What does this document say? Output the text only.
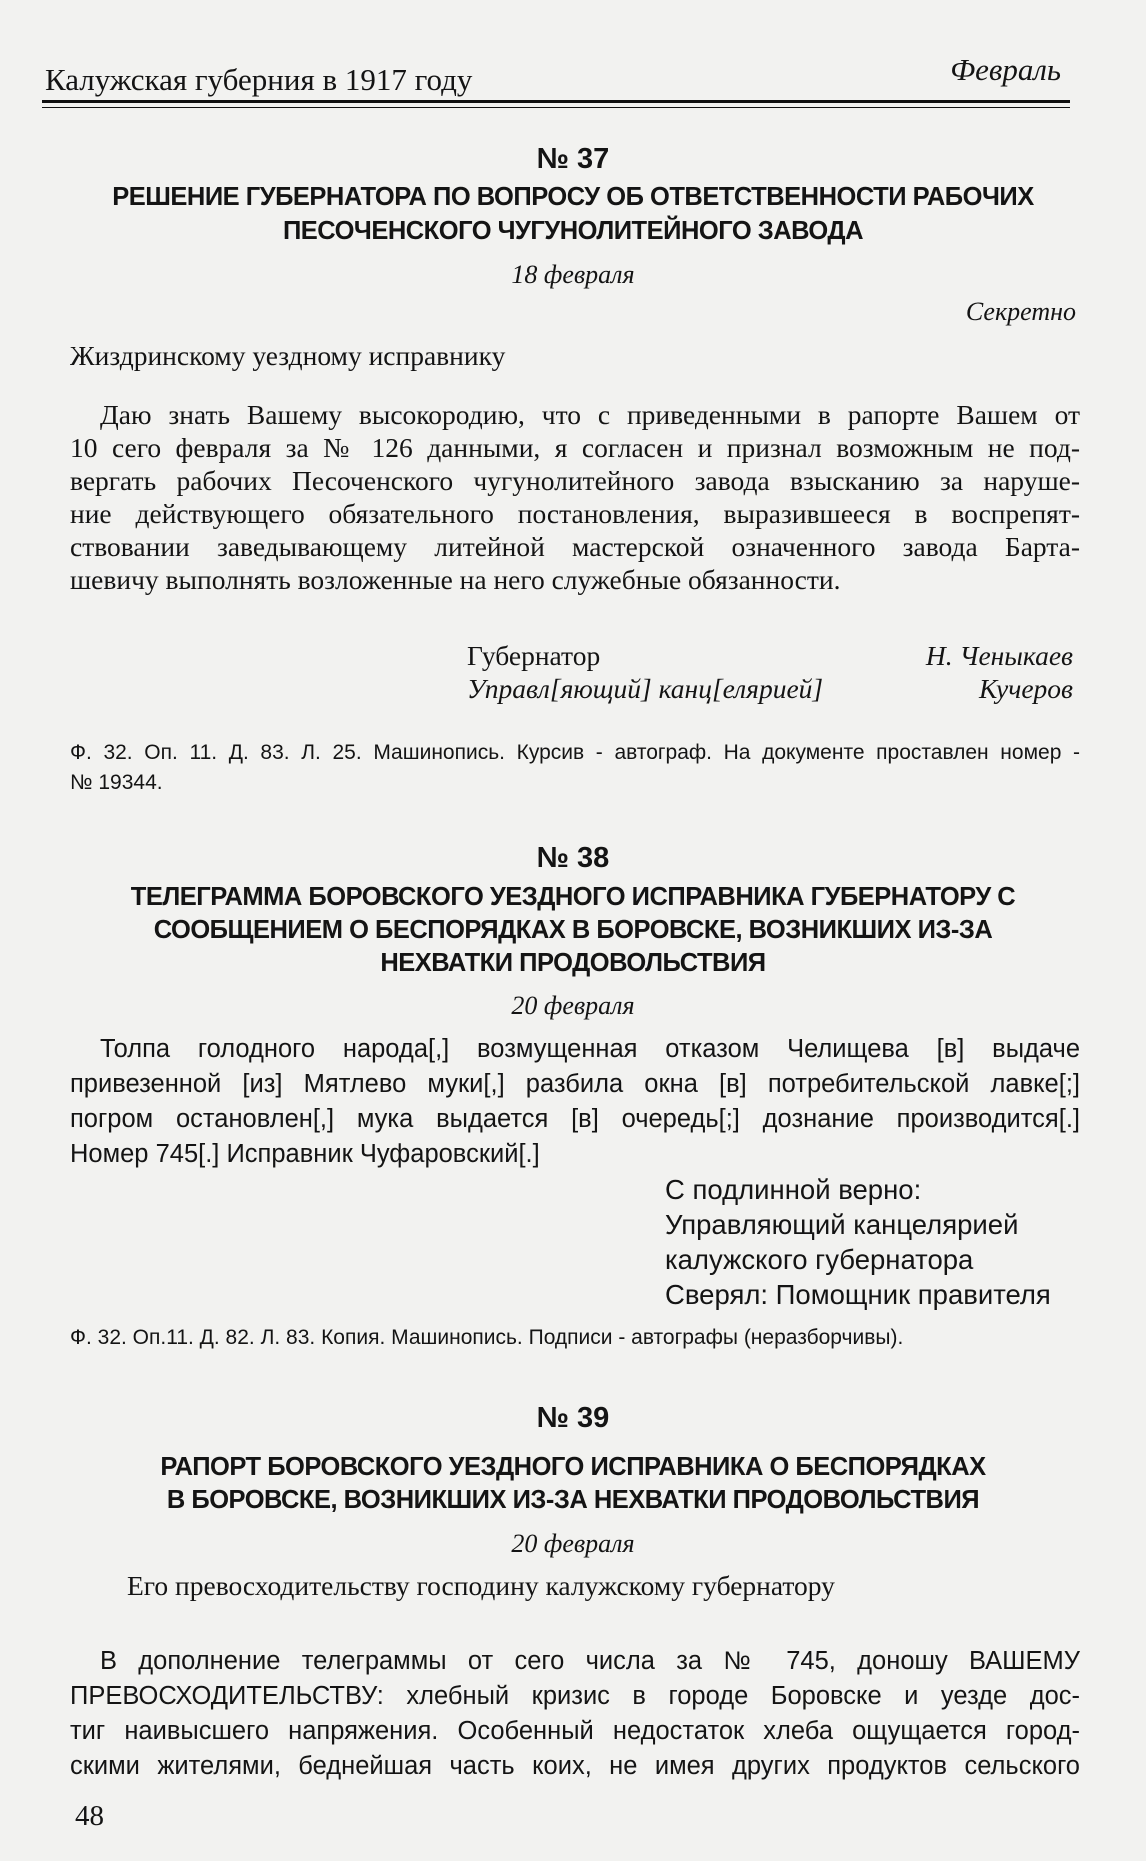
Калужская губерния в 1917 году	Февраль
№ 37
РЕШЕНИЕ ГУБЕРНАТОРА ПО ВОПРОСУ ОБ ОТВЕТСТВЕННОСТИ РАБОЧИХ
ПЕСОЧЕНСКОГО ЧУГУНОЛИТЕЙНОГО ЗАВОДА
18 февраля
Секретно
Жиздринскому уездному исправнику
Даю знать Вашему высокородию, что с приведенными в рапорте Вашем от
10 сего февраля за № 126 данными, я согласен и признал возможным не под-
вергать рабочих Песоченского чугунолитейного завода взысканию за наруше-
ние действующего обязательного постановления, выразившееся в воспрепят-
ствовании заведывающему литейной мастерской означенного завода Барта-
шевичу выполнять возложенные на него служебные обязанности.
Губернатор	Н. Ченыкаев
Управл[яющий] канц[елярией]	Кучеров
Ф. 32. Оп. 11. Д. 83. Л. 25. Машинопись. Курсив - автограф. На документе проставлен номер -
№ 19344.
№ 38
ТЕЛЕГРАММА БОРОВСКОГО УЕЗДНОГО ИСПРАВНИКА ГУБЕРНАТОРУ С
СООБЩЕНИЕМ О БЕСПОРЯДКАХ В БОРОВСКЕ, ВОЗНИКШИХ ИЗ-ЗА
НЕХВАТКИ ПРОДОВОЛЬСТВИЯ
20 февраля
Толпа голодного народа[,] возмущенная отказом Челищева [в] выдаче
привезенной [из] Мятлево муки[,] разбила окна [в] потребительской лавке[;]
погром остановлен[,] мука выдается [в] очередь[;] дознание производится[.]
Номер 745[.] Исправник Чуфаровский[.]
С подлинной верно:
Управляющий канцелярией
калужского губернатора
Сверял: Помощник правителя
Ф. 32. Оп.11. Д. 82. Л. 83. Копия. Машинопись. Подписи - автографы (неразборчивы).
№ 39
РАПОРТ БОРОВСКОГО УЕЗДНОГО ИСПРАВНИКА О БЕСПОРЯДКАХ
В БОРОВСКЕ, ВОЗНИКШИХ ИЗ-ЗА НЕХВАТКИ ПРОДОВОЛЬСТВИЯ
20 февраля
Его превосходительству господину калужскому губернатору
В дополнение телеграммы от сего числа за № 745, доношу ВАШЕМУ
ПРЕВОСХОДИТЕЛЬСТВУ: хлебный кризис в городе Боровске и уезде дос-
тиг наивысшего напряжения. Особенный недостаток хлеба ощущается город-
скими жителями, беднейшая часть коих, не имея других продуктов сельского
48
